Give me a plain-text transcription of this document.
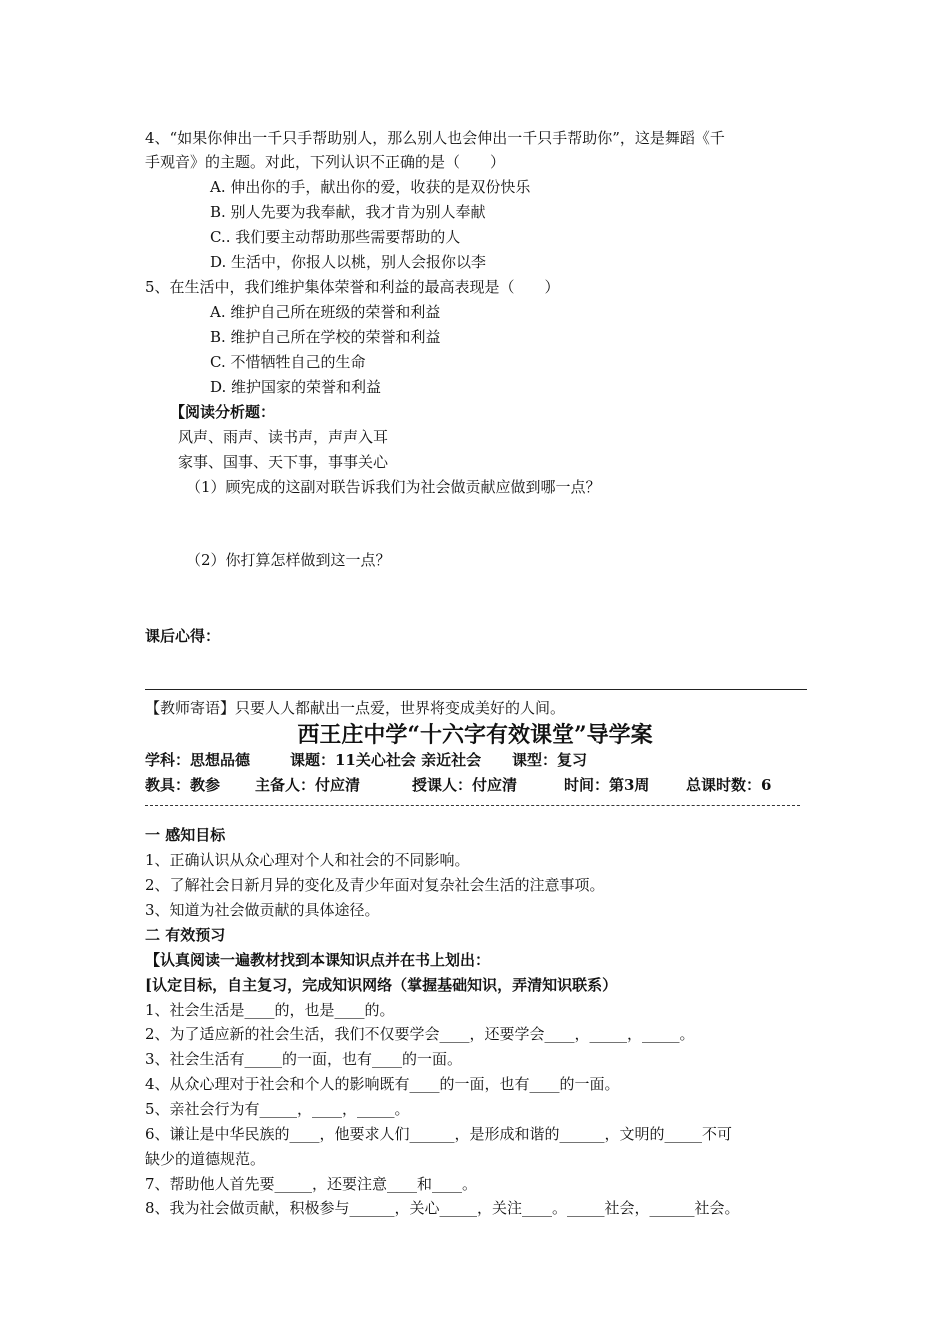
4、“如果你伸出一千只手帮助别人，那么别人也会伸出一千只手帮助你”，这是舞蹈《千
手观音》的主题。对此，下列认识不正确的是（　　）
A. 伸出你的手，献出你的爱，收获的是双份快乐
B. 别人先要为我奉献，我才肯为别人奉献
C.. 我们要主动帮助那些需要帮助的人
D. 生活中，你报人以桃，别人会报你以李
5、在生活中，我们维护集体荣誉和利益的最高表现是（　　）
A. 维护自己所在班级的荣誉和利益
B. 维护自己所在学校的荣誉和利益
C. 不惜牺牲自己的生命
D. 维护国家的荣誉和利益
【阅读分析题：
风声、雨声、读书声，声声入耳
家事、国事、天下事，事事关心
（1）顾宪成的这副对联告诉我们为社会做贡献应做到哪一点？
（2）你打算怎样做到这一点？
课后心得：
【教师寄语】只要人人都献出一点爱，世界将变成美好的人间。
西王庄中学“十六字有效课堂”导学案
学科：思想品德	课题：11关心社会 亲近社会 课型：复习
教具：教参 主备人：付应清	授课人：付应清	时间：第3周 总课时数：6
一 感知目标
1、正确认识从众心理对个人和社会的不同影响。
2、了解社会日新月异的变化及青少年面对复杂社会生活的注意事项。
3、知道为社会做贡献的具体途径。
二 有效预习
【认真阅读一遍教材找到本课知识点并在书上划出：
[认定目标，自主复习，完成知识网络（掌握基础知识，弄清知识联系）
1、社会生活是____的，也是____的。
2、为了适应新的社会生活，我们不仅要学会____，还要学会____，_____，_____。
3、社会生活有_____的一面，也有____的一面。
4、从众心理对于社会和个人的影响既有____的一面，也有____的一面。
5、亲社会行为有_____，____，_____。
6、谦让是中华民族的____，他要求人们______，是形成和谐的______，文明的_____不可
缺少的道德规范。
7、帮助他人首先要_____，还要注意____和____。
8、我为社会做贡献，积极参与______，关心_____，关注____。_____社会，______社会。
